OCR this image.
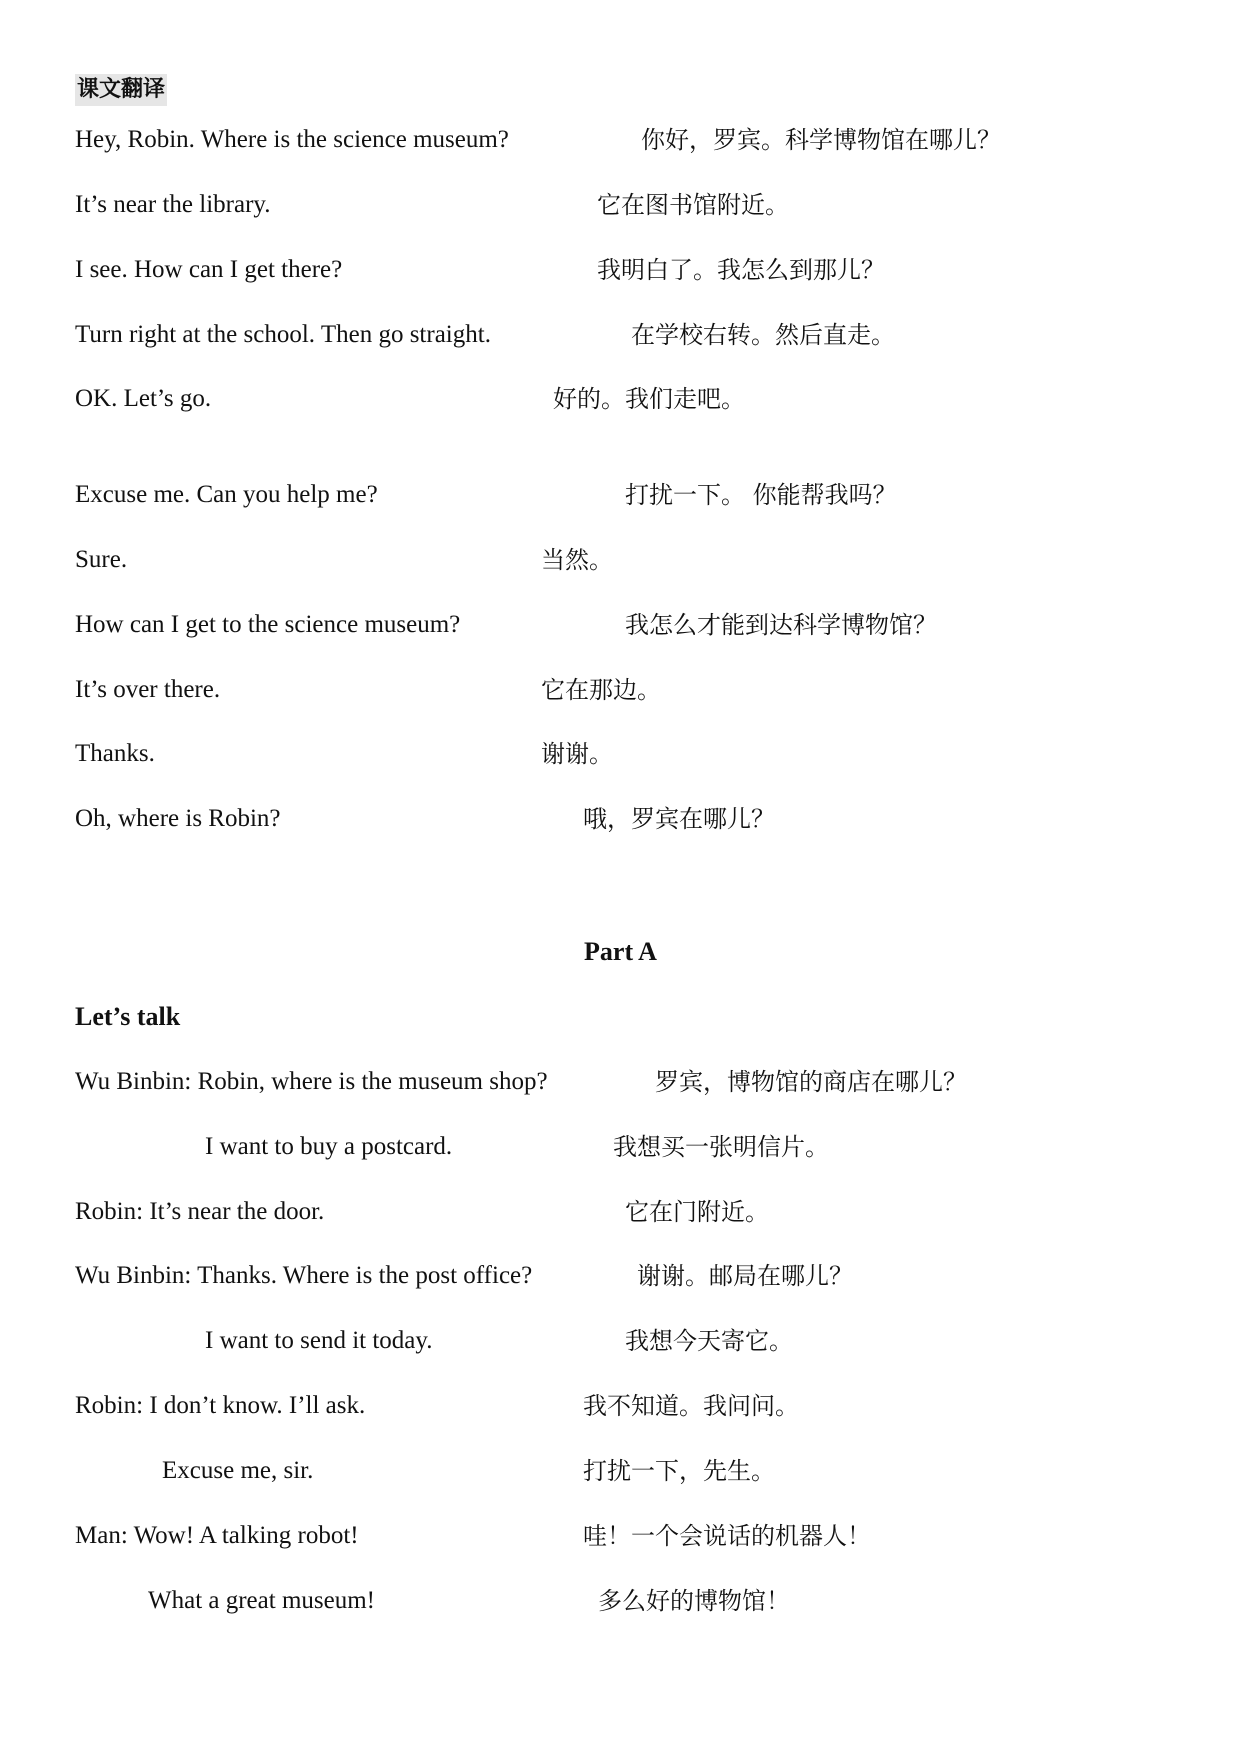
课文翻译
Hey, Robin. Where is the science museum?	你好，罗宾。科学博物馆在哪儿？
It’s near the library.	它在图书馆附近。
I see. How can I get there?	我明白了。我怎么到那儿？
Turn right at the school. Then go straight.	在学校右转。然后直走。
OK. Let’s go.	好的。我们走吧。
Excuse me. Can you help me?	打扰一下。 你能帮我吗？
Sure.	当然。
How can I get to the science museum?	我怎么才能到达科学博物馆？
It’s over there.	它在那边。
Thanks.	谢谢。
Oh, where is Robin?	哦，罗宾在哪儿？
Part A
Let’s talk
Wu Binbin: Robin, where is the museum shop?	罗宾，博物馆的商店在哪儿？
I want to buy a postcard.	我想买一张明信片。
Robin: It’s near the door.	它在门附近。
Wu Binbin: Thanks. Where is the post office?	谢谢。邮局在哪儿？
I want to send it today.	我想今天寄它。
Robin: I don’t know. I’ll ask.	我不知道。我问问。
Excuse me, sir.	打扰一下，先生。
Man: Wow! A talking robot!	哇！一个会说话的机器人！
What a great museum!	多么好的博物馆！
